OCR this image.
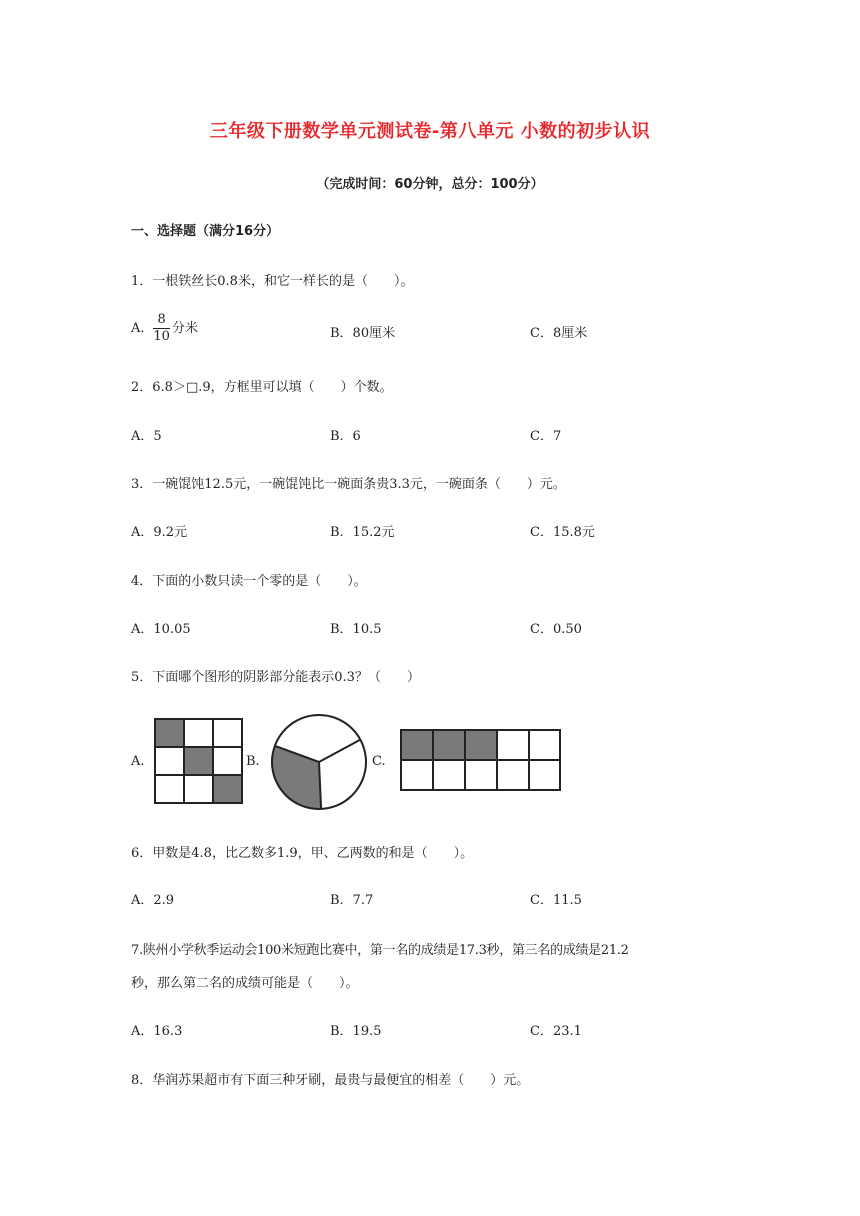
三年级下册数学单元测试卷-第八单元 小数的初步认识
（完成时间：60分钟，总分：100分）
一、选择题（满分16分）
1．一根铁丝长0.8米，和它一样长的是（　　）。
A． $\frac{8}{10}$ 分米	B．80厘米	C．8厘米
2．6.8＞□.9，方框里可以填（　　）个数。
A．5	B．6	C．7
3．一碗馄饨12.5元，一碗馄饨比一碗面条贵3.3元，一碗面条（　　）元。
A．9.2元	B．15.2元	C．15.8元
4．下面的小数只读一个零的是（　　）。
A．10.05	B．10.5	C．0.50
5．下面哪个图形的阴影部分能表示0.3？（　　）
A.	B.	C.
6．甲数是4.8，比乙数多1.9，甲、乙两数的和是（　　）。
A．2.9	B．7.7	C．11.5
7.陕州小学秋季运动会100米短跑比赛中，第一名的成绩是17.3秒，第三名的成绩是21.2
秒，那么第二名的成绩可能是（　　）。
A．16.3	B．19.5	C．23.1
8．华润苏果超市有下面三种牙刷，最贵与最便宜的相差（　　）元。
